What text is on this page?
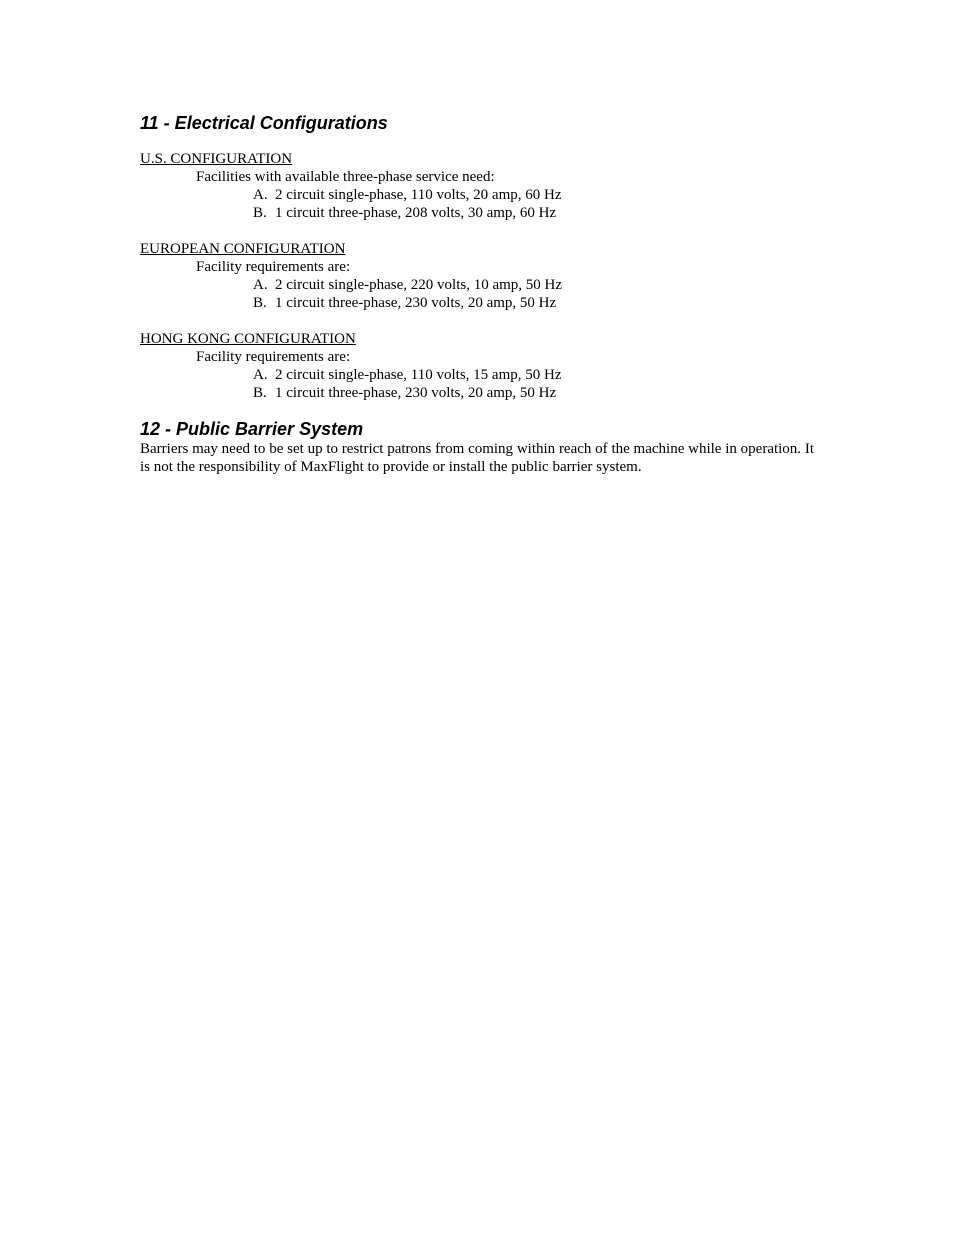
11 - Electrical Configurations

U.S. CONFIGURATION

Facilities with available three-phase service need:

A. 2 circuit single-phase, 110 volts, 20 amp, 60 Hz
B. 1 circuit three-phase, 208 volts, 30 amp, 60 Hz

EUROPEAN CONFIGURATION

Facility requirements are:

A. 2 circuit single-phase, 220 volts, 10 amp, 50 Hz
B. 1 circuit three-phase, 230 volts, 20 amp, 50 Hz

HONG KONG CONFIGURATION

Facility requirements are:

A. 2 circuit single-phase, 110 volts, 15 amp, 50 Hz
B. 1 circuit three-phase, 230 volts, 20 amp, 50 Hz
12 - Public Barrier System

Barriers may need to be set up to restrict patrons from coming within reach of the machine while in operation. It is not the responsibility of MaxFlight to provide or install the public barrier system.
